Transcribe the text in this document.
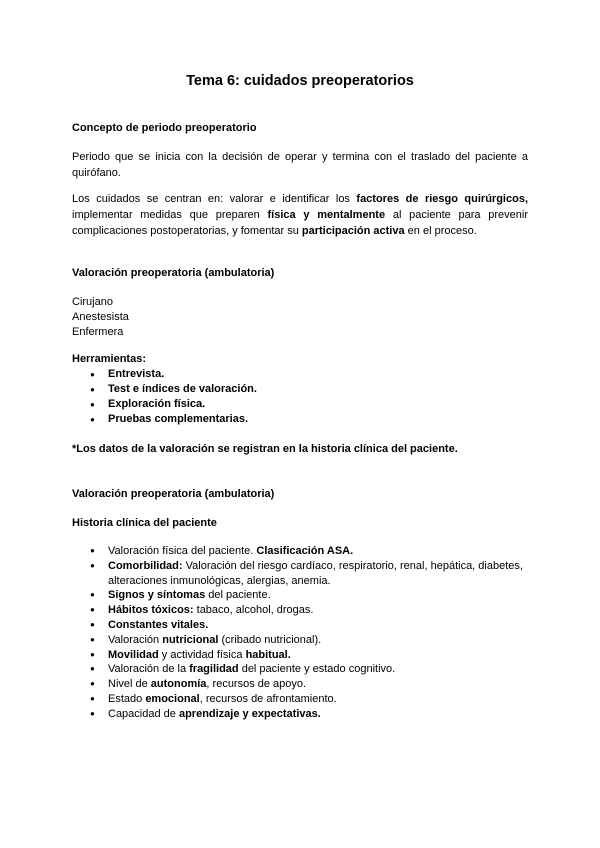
Tema 6: cuidados preoperatorios
Concepto de periodo preoperatorio
Periodo que se inicia con la decisión de operar y termina con el traslado del paciente a quirófano.
Los cuidados se centran en: valorar e identificar los factores de riesgo quirúrgicos, implementar medidas que preparen física y mentalmente al paciente para prevenir complicaciones postoperatorias, y fomentar su participación activa en el proceso.
Valoración preoperatoria (ambulatoria)
Cirujano
Anestesista
Enfermera
Herramientas:
● Entrevista.
● Test e índices de valoración.
● Exploración física.
● Pruebas complementarias.
*Los datos de la valoración se registran en la historia clínica del paciente.
Valoración preoperatoria (ambulatoria)
Historia clínica del paciente
● Valoración física del paciente. Clasificación ASA.
● Comorbilidad: Valoración del riesgo cardíaco, respiratorio, renal, hepática, diabetes, alteraciones inmunológicas, alergias, anemia.
● Signos y síntomas del paciente.
● Hábitos tóxicos: tabaco, alcohol, drogas.
● Constantes vitales.
● Valoración nutricional (cribado nutricional).
● Movilidad y actividad física habitual.
● Valoración de la fragilidad del paciente y estado cognitivo.
● Nivel de autonomía, recursos de apoyo.
● Estado emocional, recursos de afrontamiento.
● Capacidad de aprendizaje y expectativas.
